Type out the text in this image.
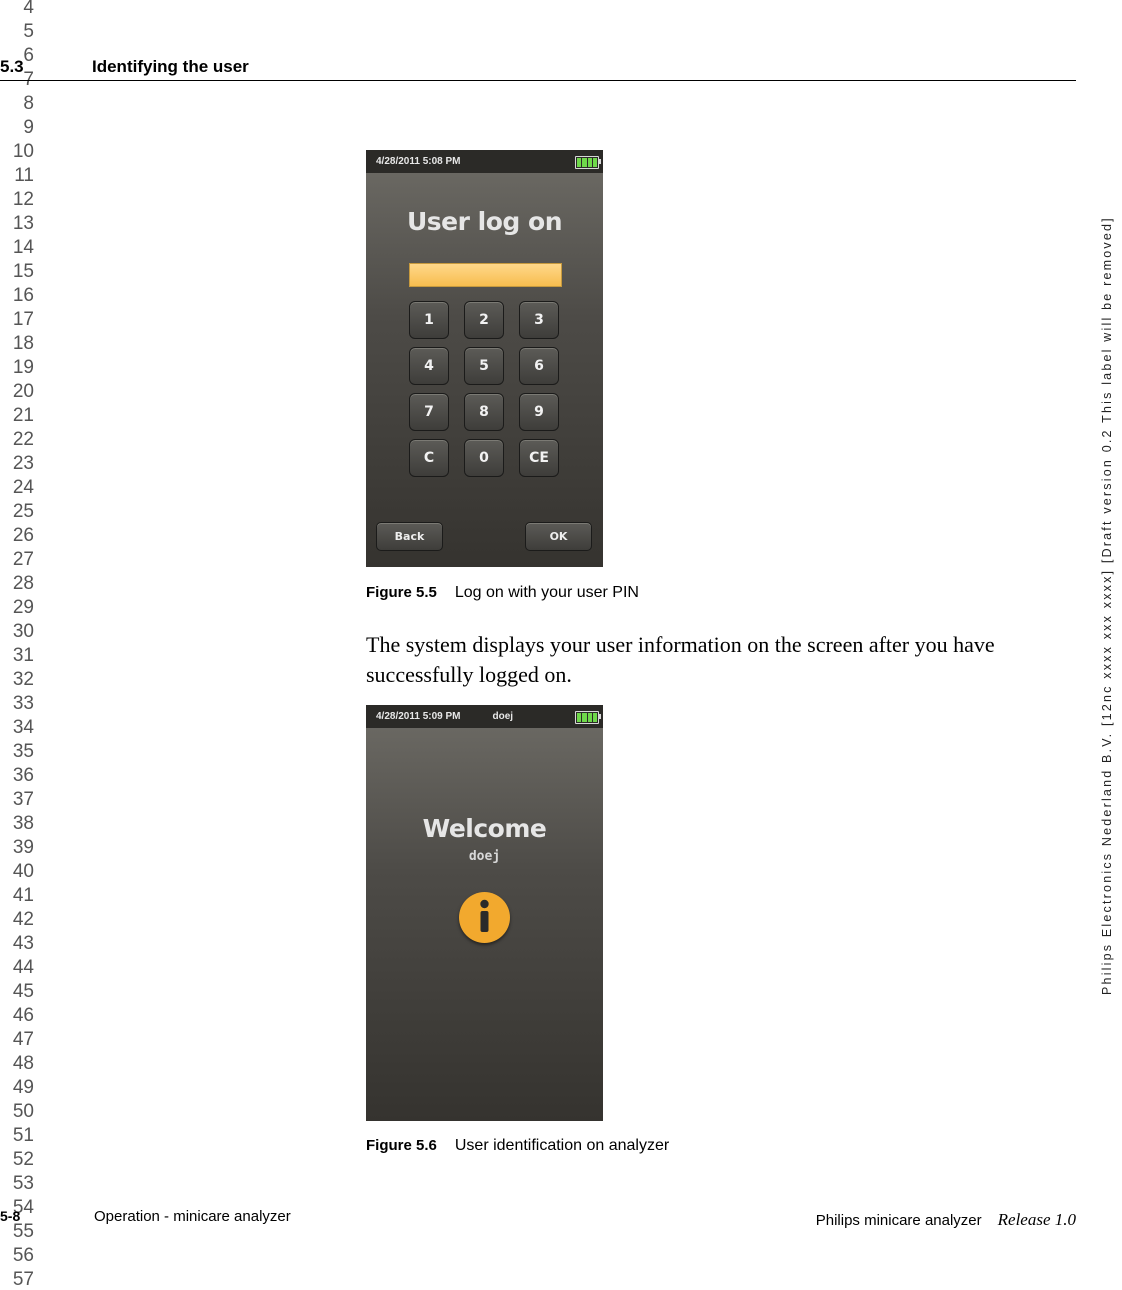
4
5
6
8
9
10
11
12
13
14
15
16
17
18
19
20
21
22
23
24
25
26
27
28
29
30
31
32
33
34
35
36
37
38
39
40
41
42
43
44
45
46
47
48
49
50
51
52
53
54
55
56
57
5.3	Identifying the user
Philips Electronics Nederland B.V. [12nc xxxx xxx xxxx] [Draft version 0.2 This label will be removed]
4/28/2011 5:08 PM
User log on
1	2	3
4	5	6
7	8	9
C	0	CE
Back	OK
Figure 5.5 Log on with your user PIN
The system displays your user information on the screen after you have successfully logged on.
4/28/2011 5:09 PM	doej
Welcome
doej
Figure 5.6 User identification on analyzer
5-8	Operation - minicare analyzer	Philips minicare analyzer Release 1.0
